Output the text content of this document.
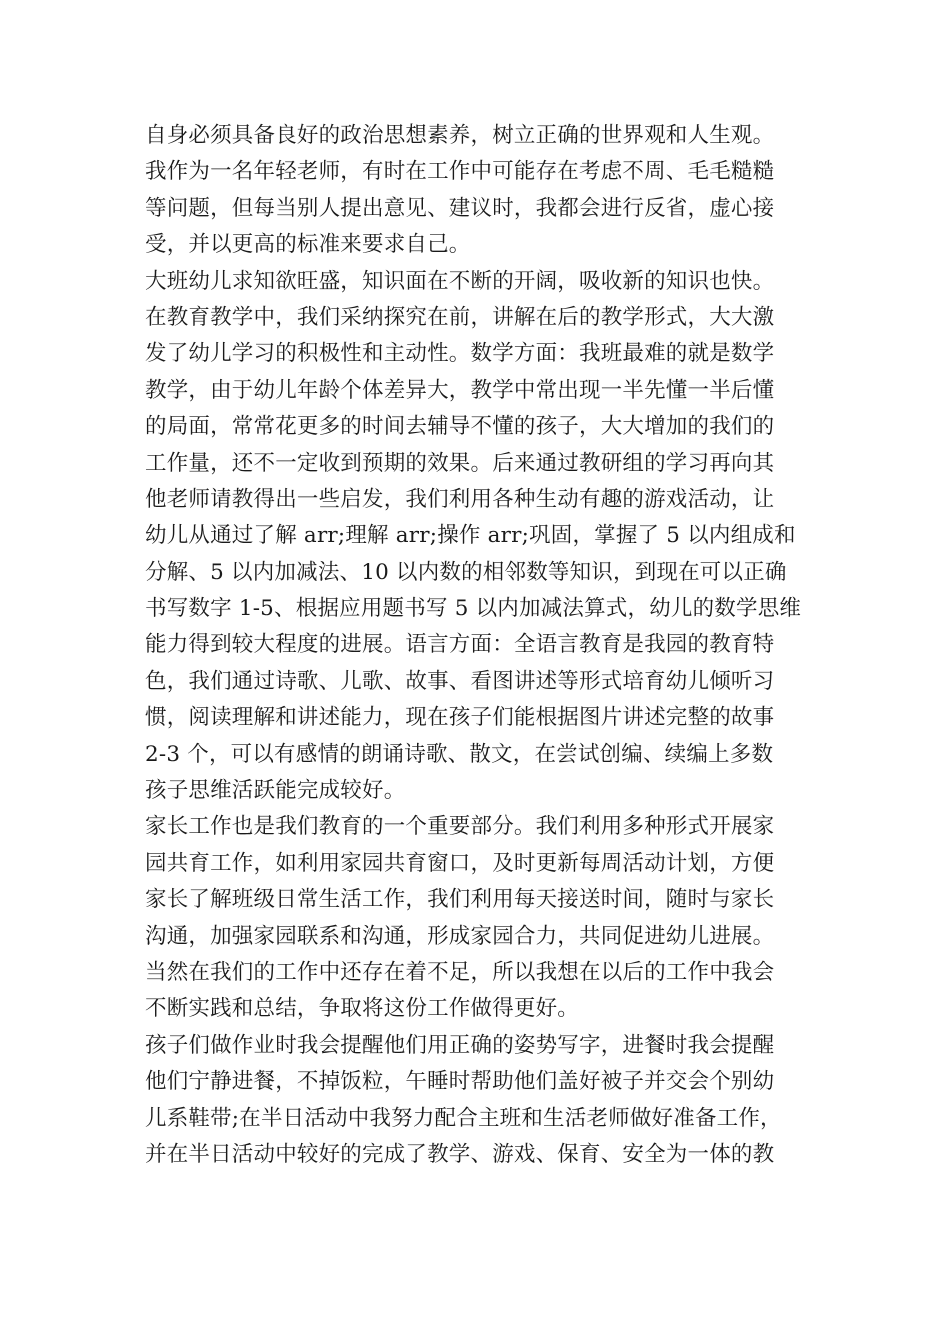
自身必须具备良好的政治思想素养，树立正确的世界观和人生观。
我作为一名年轻老师，有时在工作中可能存在考虑不周、毛毛糙糙
等问题，但每当别人提出意见、建议时，我都会进行反省，虚心接
受，并以更高的标准来要求自己。
大班幼儿求知欲旺盛，知识面在不断的开阔，吸收新的知识也快。
在教育教学中，我们采纳探究在前，讲解在后的教学形式，大大激
发了幼儿学习的积极性和主动性。数学方面：我班最难的就是数学
教学，由于幼儿年龄个体差异大，教学中常出现一半先懂一半后懂
的局面，常常花更多的时间去辅导不懂的孩子，大大增加的我们的
工作量，还不一定收到预期的效果。后来通过教研组的学习再向其
他老师请教得出一些启发，我们利用各种生动有趣的游戏活动，让
幼儿从通过了解 arr;理解 arr;操作 arr;巩固，掌握了 5 以内组成和
分解、5 以内加减法、10 以内数的相邻数等知识，到现在可以正确
书写数字 1-5、根据应用题书写 5 以内加减法算式，幼儿的数学思维
能力得到较大程度的进展。语言方面：全语言教育是我园的教育特
色，我们通过诗歌、儿歌、故事、看图讲述等形式培育幼儿倾听习
惯，阅读理解和讲述能力，现在孩子们能根据图片讲述完整的故事
2-3 个，可以有感情的朗诵诗歌、散文，在尝试创编、续编上多数
孩子思维活跃能完成较好。
家长工作也是我们教育的一个重要部分。我们利用多种形式开展家
园共育工作，如利用家园共育窗口，及时更新每周活动计划，方便
家长了解班级日常生活工作，我们利用每天接送时间，随时与家长
沟通，加强家园联系和沟通，形成家园合力，共同促进幼儿进展。
当然在我们的工作中还存在着不足，所以我想在以后的工作中我会
不断实践和总结，争取将这份工作做得更好。
孩子们做作业时我会提醒他们用正确的姿势写字，进餐时我会提醒
他们宁静进餐，不掉饭粒，午睡时帮助他们盖好被子并交会个别幼
儿系鞋带;在半日活动中我努力配合主班和生活老师做好准备工作，
并在半日活动中较好的完成了教学、游戏、保育、安全为一体的教
